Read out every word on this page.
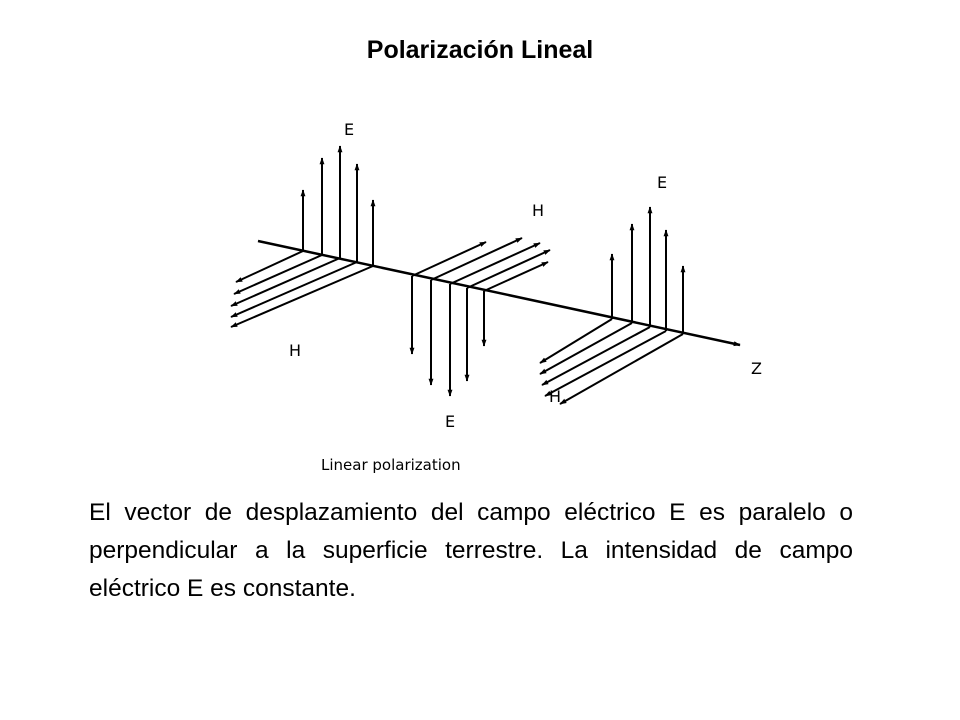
Polarización Lineal
E
H
E
H
E
Z
H
Linear polarization
El vector de desplazamiento del campo eléctrico E es paralelo o perpendicular a la superficie terrestre. La intensidad de campo eléctrico E es constante.
